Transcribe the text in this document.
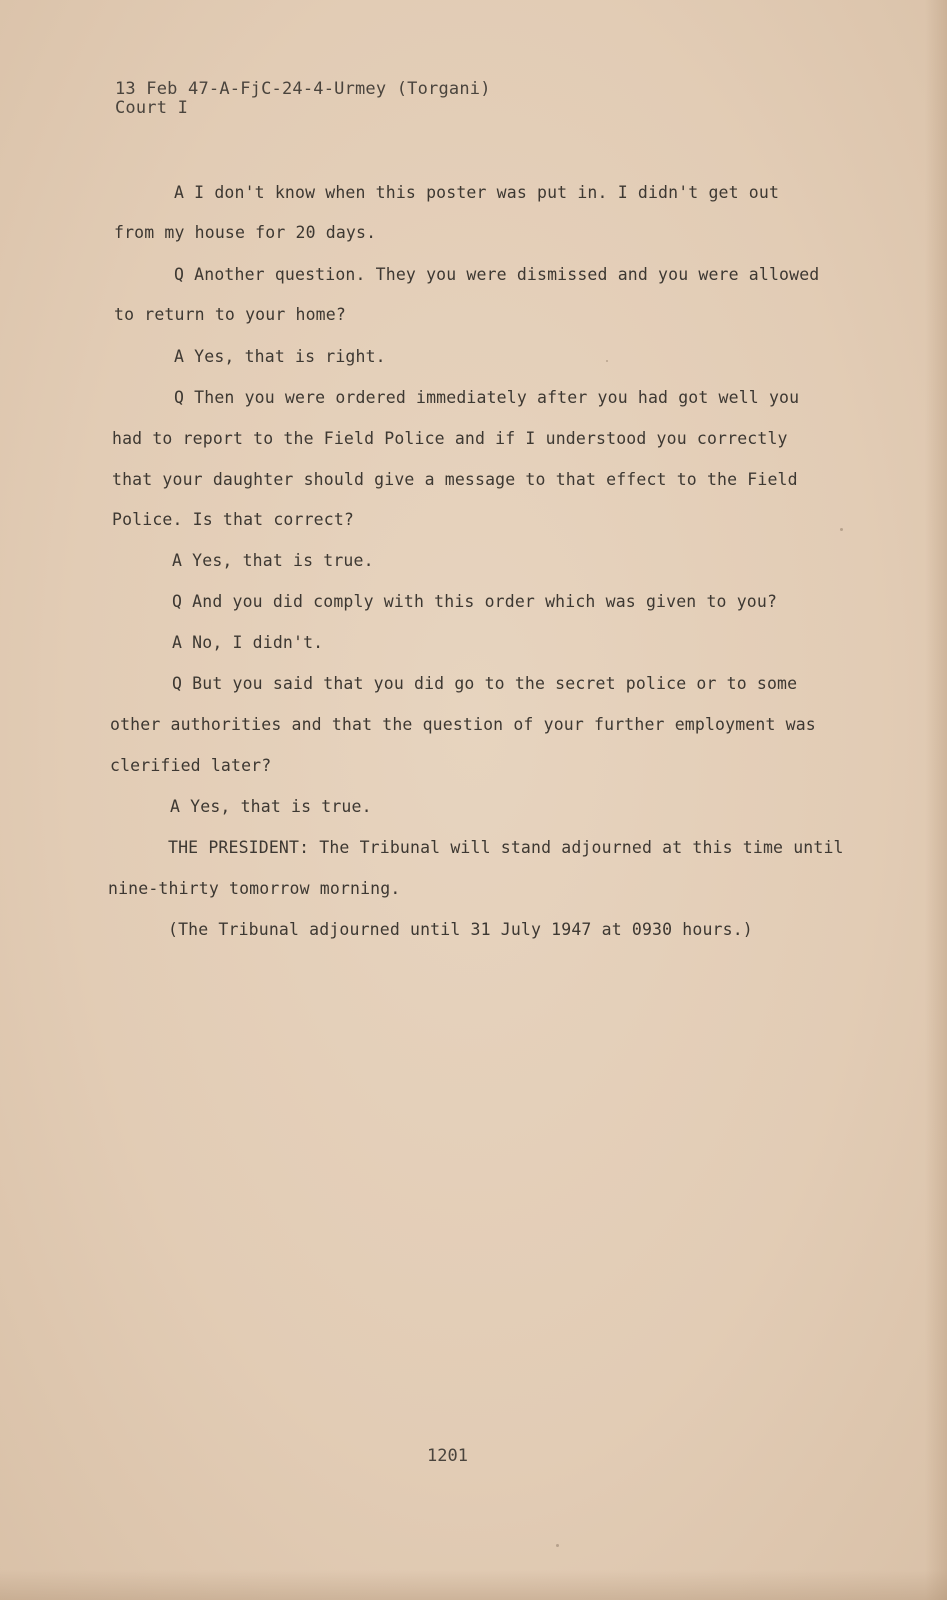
13 Feb 47-A-FjC-24-4-Urmey (Torgani)
Court I
A I don't know when this poster was put in. I didn't get out
from my house for 20 days.
Q Another question. They you were dismissed and you were allowed
to return to your home?
A Yes, that is right.
Q Then you were ordered immediately after you had got well you
had to report to the Field Police and if I understood you correctly
that your daughter should give a message to that effect to the Field
Police. Is that correct?
A Yes, that is true.
Q And you did comply with this order which was given to you?
A No, I didn't.
Q But you said that you did go to the secret police or to some
other authorities and that the question of your further employment was
clerified later?
A Yes, that is true.
THE PRESIDENT: The Tribunal will stand adjourned at this time until
nine-thirty tomorrow morning.
(The Tribunal adjourned until 31 July 1947 at 0930 hours.)
1201
